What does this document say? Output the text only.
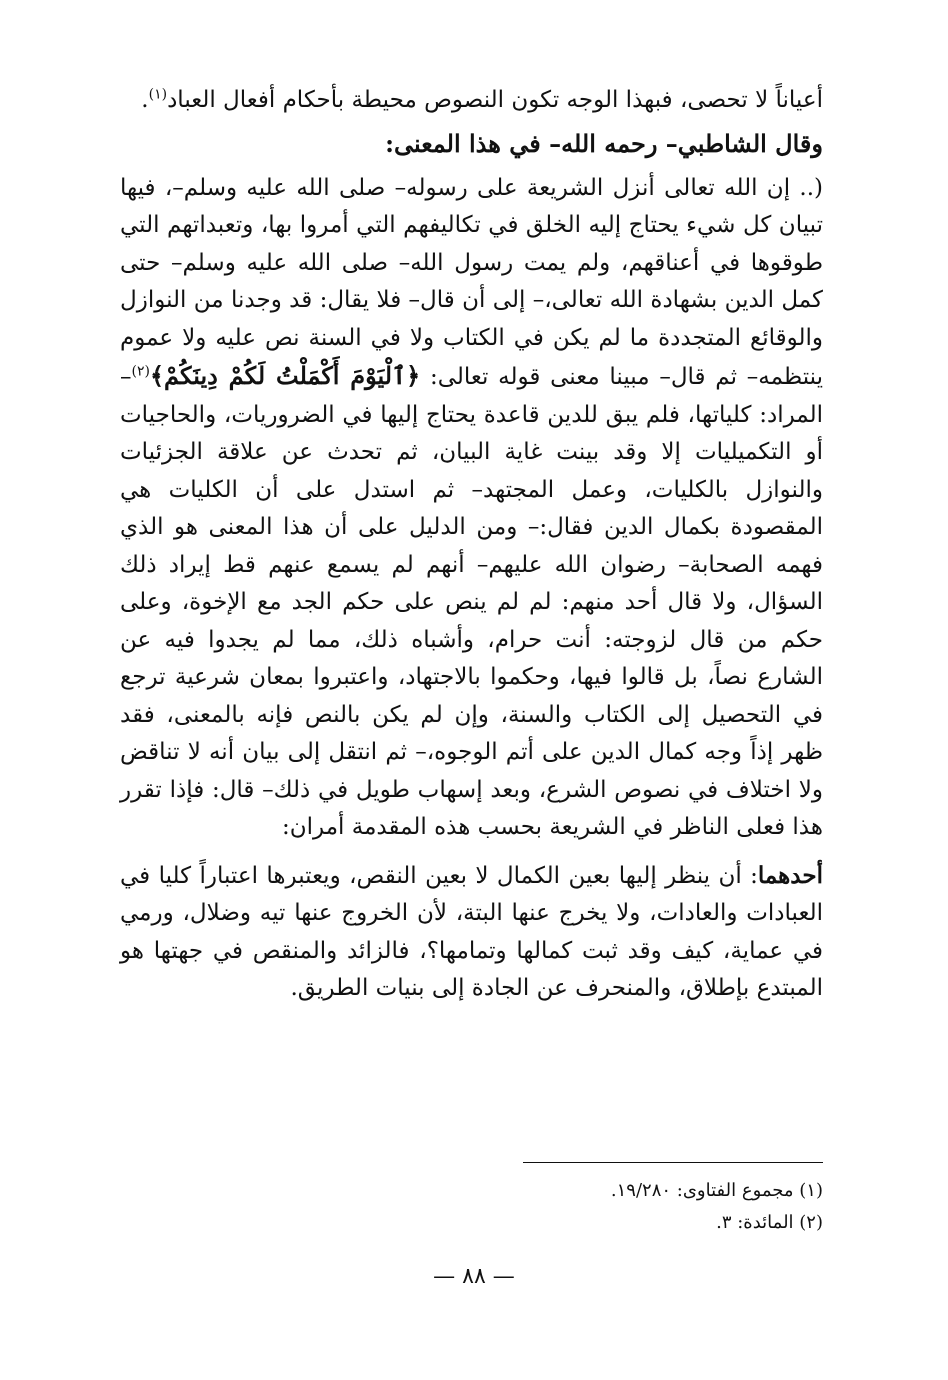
أعياناً لا تحصى، فبهذا الوجه تكون النصوص محيطة بأحكام أفعال العباد$^{(١)}$.

وقال الشاطبي– رحمه الله– في هذا المعنى:

(.. إن الله تعالى أنزل الشريعة على رسوله– صلى الله عليه وسلم–، فيها تبيان كل شيء يحتاج إليه الخلق في تكاليفهم التي أمروا بها، وتعبداتهم التي طوقوها في أعناقهم، ولم يمت رسول الله– صلى الله عليه وسلم– حتى كمل الدين بشهادة الله تعالى،– إلى أن قال– فلا يقال: قد وجدنا من النوازل والوقائع المتجددة ما لم يكن في الكتاب ولا في السنة نص عليه ولا عموم ينتظمه– ثم قال– مبينا معنى قوله تعالى: ﴿ٱلْيَوْمَ أَكْمَلْتُ لَكُمْ دِينَكُمْ﴾$^{(٢)}$– المراد: كلياتها، فلم يبق للدين قاعدة يحتاج إليها في الضروريات، والحاجيات أو التكميليات إلا وقد بينت غاية البيان، ثم تحدث عن علاقة الجزئيات والنوازل بالكليات، وعمل المجتهد– ثم استدل على أن الكليات هي المقصودة بكمال الدين فقال:– ومن الدليل على أن هذا المعنى هو الذي فهمه الصحابة– رضوان الله عليهم– أنهم لم يسمع عنهم قط إيراد ذلك السؤال، ولا قال أحد منهم: لم لم ينص على حكم الجد مع الإخوة، وعلى حكم من قال لزوجته: أنت حرام، وأشباه ذلك، مما لم يجدوا فيه عن الشارع نصاً، بل قالوا فيها، وحكموا بالاجتهاد، واعتبروا بمعان شرعية ترجع في التحصيل إلى الكتاب والسنة، وإن لم يكن بالنص فإنه بالمعنى، فقد ظهر إذاً وجه كمال الدين على أتم الوجوه،– ثم انتقل إلى بيان أنه لا تناقض ولا اختلاف في نصوص الشرع، وبعد إسهاب طويل في ذلك– قال: فإذا تقرر هذا فعلى الناظر في الشريعة بحسب هذه المقدمة أمران:

أحدهما: أن ينظر إليها بعين الكمال لا بعين النقص، ويعتبرها اعتباراً كليا في العبادات والعادات، ولا يخرج عنها البتة، لأن الخروج عنها تيه وضلال، ورمي في عماية، كيف وقد ثبت كمالها وتمامها؟، فالزائد والمنقص في جهتها هو المبتدع بإطلاق، والمنحرف عن الجادة إلى بنيات الطريق.

(١) مجموع الفتاوى: ١٩/٢٨٠.

(٢) المائدة: ٣.

— ٨٨ —
